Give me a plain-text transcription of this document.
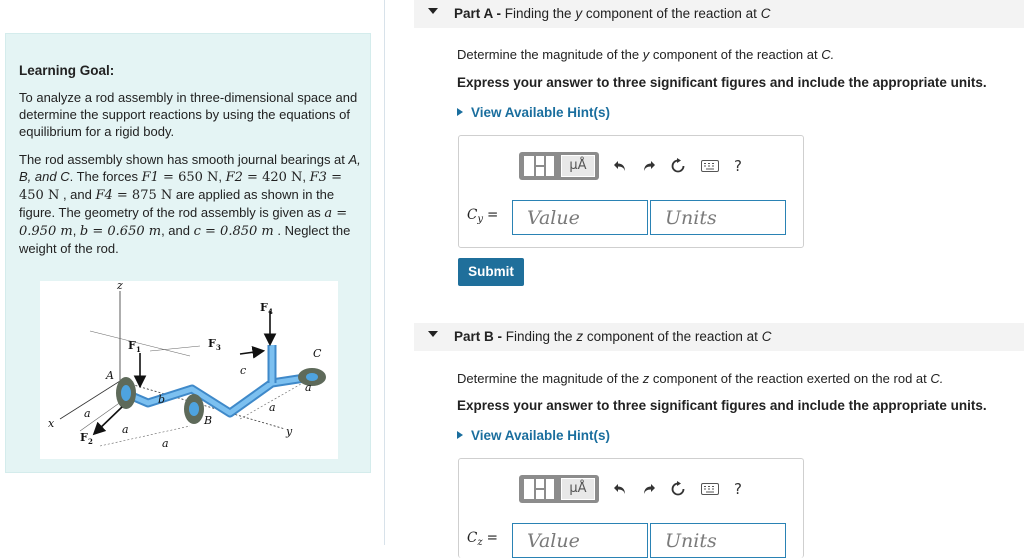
Learning Goal:
To analyze a rod assembly in three-dimensional space and determine the support reactions by using the equations of equilibrium for a rigid body.
The rod assembly shown has smooth journal bearings at A, B, and C. The forces F1 = 650 N, F2 = 420 N, F3 = 450 N , and F4 = 875 N are applied as shown in the figure. The geometry of the rod assembly is given as a = 0.950 m, b = 0.650 m, and c = 0.850 m . Neglect the weight of the rod.
z
x
y
A
B
C
a
a
a
a
a
b
c
F 1
F 2
F 3
F 4
Part A - Finding the y component of the reaction at C
Determine the magnitude of the y component of the reaction at C.
Express your answer to three significant figures and include the appropriate units.
View Available Hint(s)
μÅ	?
$C_y$ =	Value	Units
Submit
Part B - Finding the z component of the reaction at C
Determine the magnitude of the z component of the reaction exerted on the rod at C.
Express your answer to three significant figures and include the appropriate units.
View Available Hint(s)
μÅ	?
$C_z$ =	Value	Units
